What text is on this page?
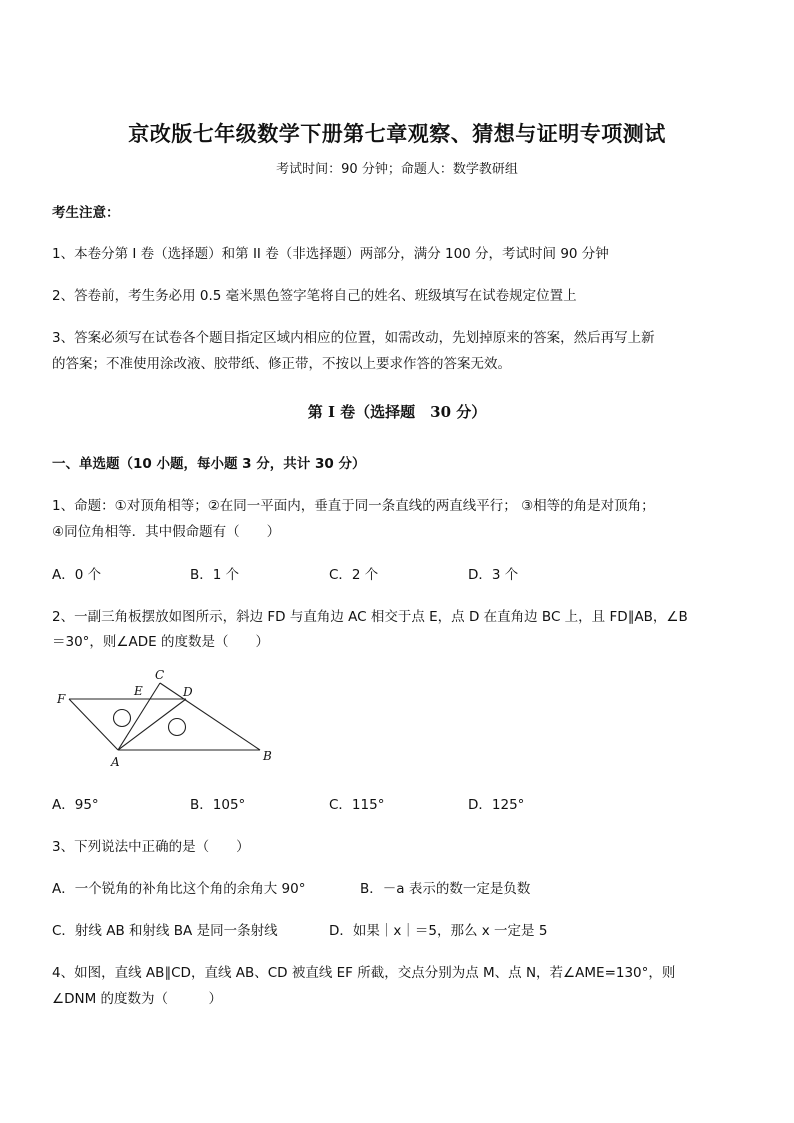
京改版七年级数学下册第七章观察、猜想与证明专项测试
考试时间：90 分钟；命题人：数学教研组
考生注意：
1、本卷分第 I 卷（选择题）和第 II 卷（非选择题）两部分，满分 100 分，考试时间 90 分钟
2、答卷前，考生务必用 0.5 毫米黑色签字笔将自己的姓名、班级填写在试卷规定位置上
3、答案必须写在试卷各个题目指定区域内相应的位置，如需改动，先划掉原来的答案，然后再写上新
的答案；不准使用涂改液、胶带纸、修正带，不按以上要求作答的答案无效。
第 I 卷（选择题　30 分）
一、单选题（10 小题，每小题 3 分，共计 30 分）
1、命题：①对顶角相等；②在同一平面内，垂直于同一条直线的两直线平行； ③相等的角是对顶角；
④同位角相等．其中假命题有（　　）
A．0 个	B．1 个	C．2 个	D．3 个
2、一副三角板摆放如图所示，斜边 FD 与直角边 AC 相交于点 E，点 D 在直角边 BC 上，且 FD∥AB，∠B
＝30°，则∠ADE 的度数是（　　）
F
E
C
D
A	B
A．95°	B．105°	C．115°	D．125°
3、下列说法中正确的是（　　）
A．一个锐角的补角比这个角的余角大 90°	B．－a 表示的数一定是负数
C．射线 AB 和射线 BA 是同一条射线	D．如果｜x｜＝5，那么 x 一定是 5
4、如图，直线 AB∥CD，直线 AB、CD 被直线 EF 所截，交点分别为点 M、点 N，若∠AME=130°，则
∠DNM 的度数为（　　　）
